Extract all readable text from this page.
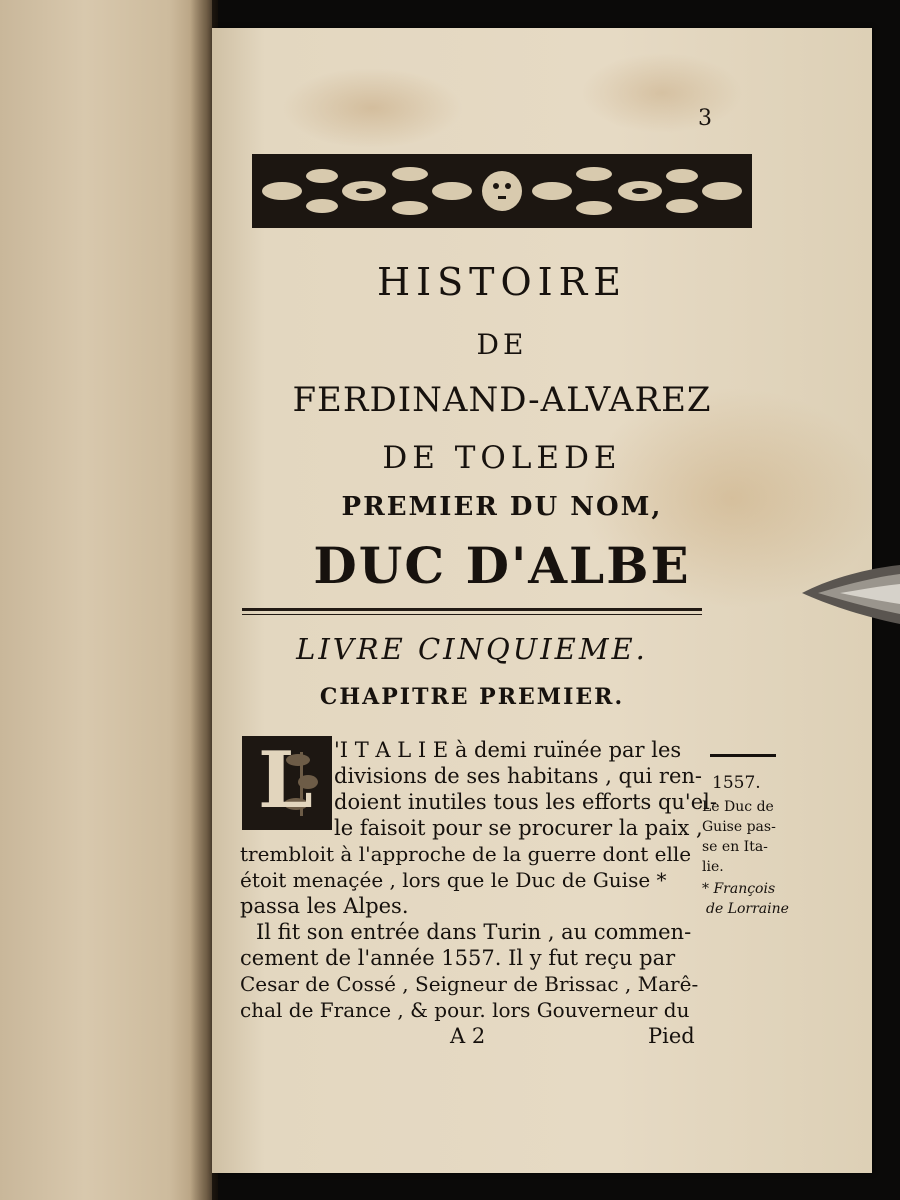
3
HISTOIRE
DE
FERDINAND-ALVAREZ
DE TOLEDE
PREMIER DU NOM,
DUC D'ALBE
LIVRE CINQUIEME.
CHAPITRE PREMIER.
L 'I T A L I E à demi ruïnée par les
divisions de ses habitans , qui ren-
doient inutiles tous les efforts qu'el-
le faisoit pour se procurer la paix ,
trembloit à l'approche de la guerre dont elle
étoit menaçée , lors que le Duc de Guise *
passa les Alpes.
Il fit son entrée dans Turin , au commen-
cement de l'année 1557. Il y fut reçu par
Cesar de Cossé , Seigneur de Brissac , Marê-
chal de France , & pour. lors Gouverneur du
A 2	Pied
1557.
Le Duc de
Guise pas-
se en Ita-
lie.
* François
de Lorraine
